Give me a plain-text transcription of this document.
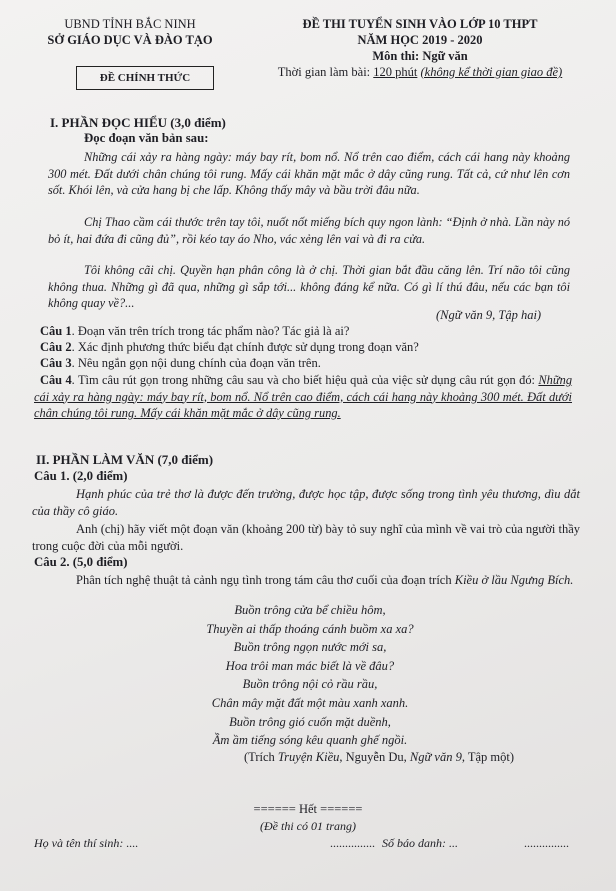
UBND TỈNH BẮC NINH
SỞ GIÁO DỤC VÀ ĐÀO TẠO
ĐỀ CHÍNH THỨC
ĐỀ THI TUYỂN SINH VÀO LỚP 10 THPT
NĂM HỌC 2019 - 2020
Môn thi: Ngữ văn
Thời gian làm bài: 120 phút (không kể thời gian giao đề)
I. PHẦN ĐỌC HIỂU (3,0 điểm)
Đọc đoạn văn bản sau:
Những cái xảy ra hàng ngày: máy bay rít, bom nổ. Nổ trên cao điểm, cách cái hang này khoảng 300 mét. Đất dưới chân chúng tôi rung. Mấy cái khăn mặt mắc ở dây cũng rung. Tất cả, cứ như lên cơn sốt. Khói lên, và cửa hang bị che lấp. Không thấy mây và bầu trời đâu nữa.
Chị Thao cầm cái thước trên tay tôi, nuốt nốt miếng bích quy ngon lành: “Định ở nhà. Lần này nó bỏ ít, hai đứa đi cũng đủ”, rồi kéo tay áo Nho, vác xẻng lên vai và đi ra cửa.
Tôi không cãi chị. Quyền hạn phân công là ở chị. Thời gian bắt đầu căng lên. Trí não tôi cũng không thua. Những gì đã qua, những gì sắp tới... không đáng kể nữa. Có gì lí thú đâu, nếu các bạn tôi không quay về?...
(Ngữ văn 9, Tập hai)
Câu 1. Đoạn văn trên trích trong tác phẩm nào? Tác giả là ai?
Câu 2. Xác định phương thức biểu đạt chính được sử dụng trong đoạn văn?
Câu 3. Nêu ngắn gọn nội dung chính của đoạn văn trên.
Câu 4. Tìm câu rút gọn trong những câu sau và cho biết hiệu quả của việc sử dụng câu rút gọn đó: Những cái xảy ra hàng ngày: máy bay rít, bom nổ. Nổ trên cao điểm, cách cái hang này khoảng 300 mét. Đất dưới chân chúng tôi rung. Mấy cái khăn mặt mắc ở dây cũng rung.
II. PHẦN LÀM VĂN (7,0 điểm)
Câu 1. (2,0 điểm)
Hạnh phúc của trẻ thơ là được đến trường, được học tập, được sống trong tình yêu thương, dìu dắt của thầy cô giáo.
Anh (chị) hãy viết một đoạn văn (khoảng 200 từ) bày tỏ suy nghĩ của mình về vai trò của người thầy trong cuộc đời của mỗi người.
Câu 2. (5,0 điểm)
Phân tích nghệ thuật tả cảnh ngụ tình trong tám câu thơ cuối của đoạn trích Kiều ở lầu Ngưng Bích.
Buồn trông cửa bể chiều hôm,
Thuyền ai thấp thoáng cánh buồm xa xa?
Buồn trông ngọn nước mới sa,
Hoa trôi man mác biết là về đâu?
Buồn trông nội cỏ rầu rầu,
Chân mây mặt đất một màu xanh xanh.
Buồn trông gió cuốn mặt duềnh,
Ầm ầm tiếng sóng kêu quanh ghế ngồi.
(Trích Truyện Kiều, Nguyễn Du, Ngữ văn 9, Tập một)
====== Hết ======
(Đề thi có 01 trang)
Họ và tên thí sinh: ....	............... Số báo danh: ...	...............
